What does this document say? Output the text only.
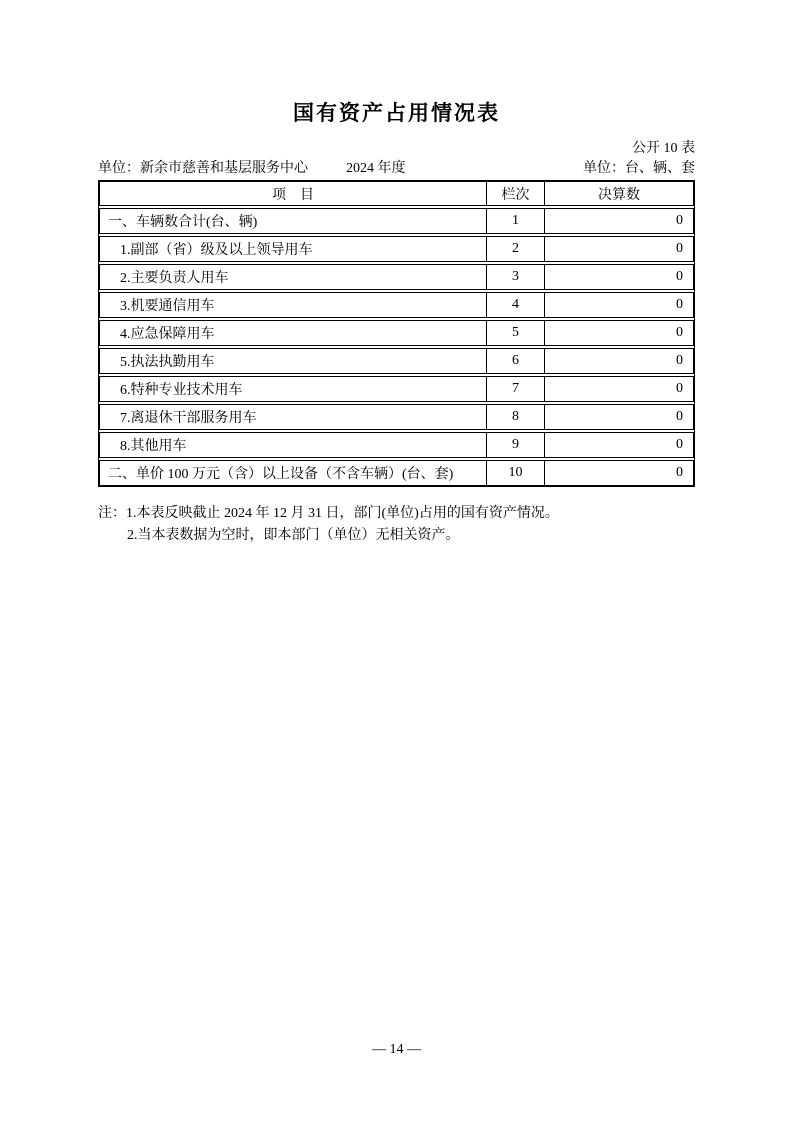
国有资产占用情况表
公开 10 表
单位：新余市慈善和基层服务中心	2024 年度	单位：台、辆、套
项　目	栏次	决算数
一、车辆数合计(台、辆)	1	0
1.副部（省）级及以上领导用车	2	0
2.主要负责人用车	3	0
3.机要通信用车	4	0
4.应急保障用车	5	0
5.执法执勤用车	6	0
6.特种专业技术用车	7	0
7.离退休干部服务用车	8	0
8.其他用车	9	0
二、单价 100 万元（含）以上设备（不含车辆）(台、套)	10	0
注：1.本表反映截止 2024 年 12 月 31 日，部门(单位)占用的国有资产情况。
2.当本表数据为空时，即本部门（单位）无相关资产。
— 14 —
